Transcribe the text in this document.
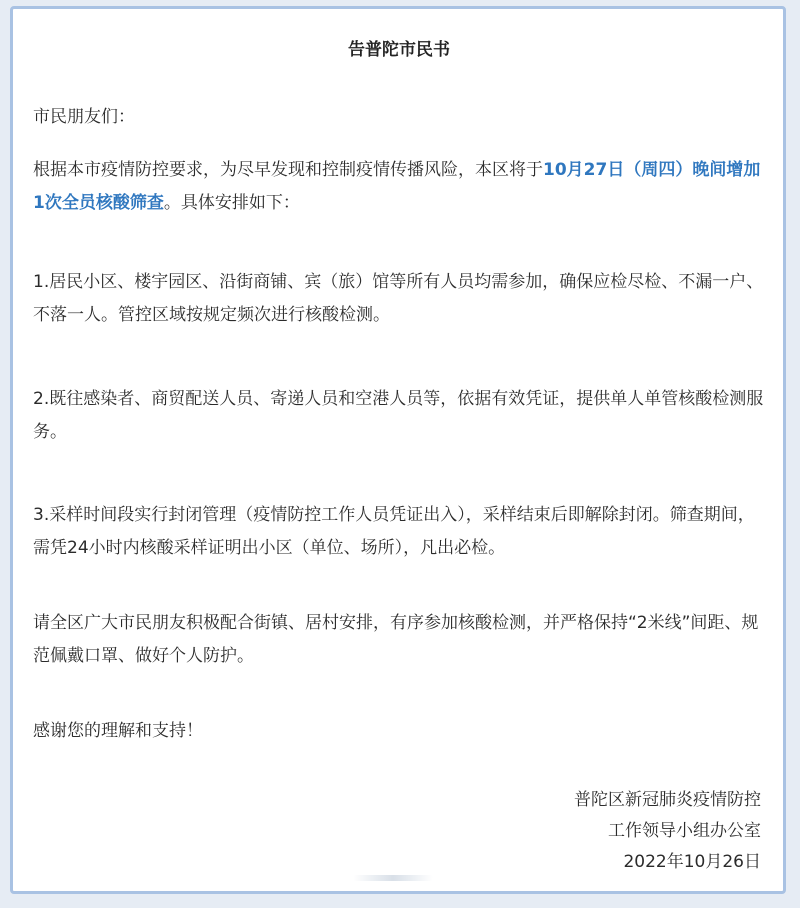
告普陀市民书

市民朋友们：

根据本市疫情防控要求，为尽早发现和控制疫情传播风险，本区将于10月27日（周四）晚间增加1次全员核酸筛查。具体安排如下：

1.居民小区、楼宇园区、沿街商铺、宾（旅）馆等所有人员均需参加，确保应检尽检、不漏一户、不落一人。管控区域按规定频次进行核酸检测。

2.既往感染者、商贸配送人员、寄递人员和空港人员等，依据有效凭证，提供单人单管核酸检测服务。

3.采样时间段实行封闭管理（疫情防控工作人员凭证出入），采样结束后即解除封闭。筛查期间，需凭24小时内核酸采样证明出小区（单位、场所），凡出必检。

请全区广大市民朋友积极配合街镇、居村安排，有序参加核酸检测，并严格保持“2米线”间距、规范佩戴口罩、做好个人防护。

感谢您的理解和支持！

普陀区新冠肺炎疫情防控
工作领导小组办公室
2022年10月26日
